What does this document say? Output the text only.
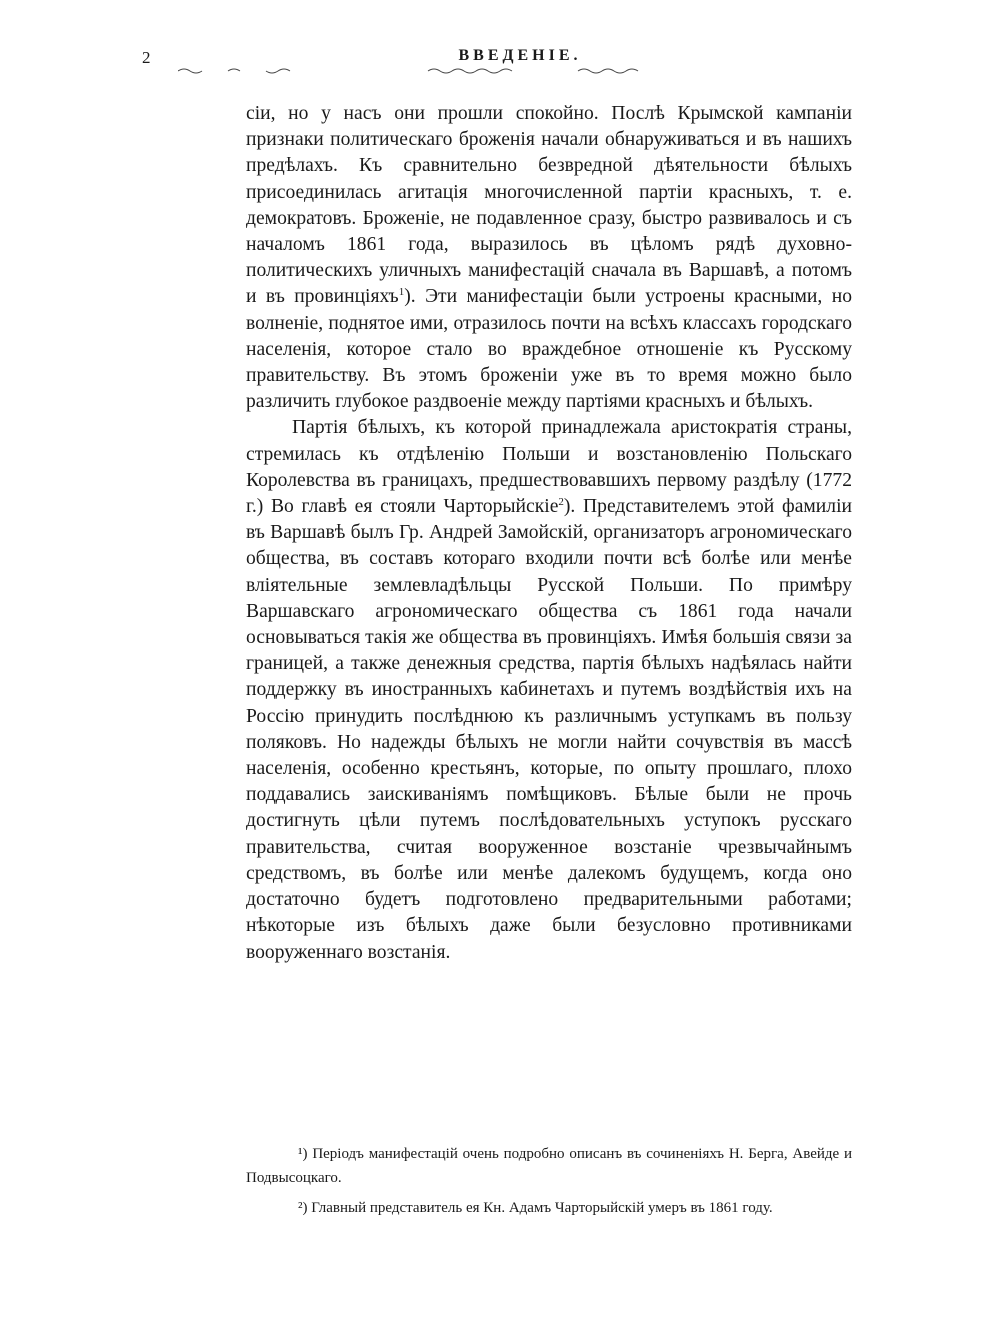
2	ВВЕДЕНІЕ.

сіи, но у насъ они прошли спокойно. Послѣ Крымской кампаніи признаки политическаго броженія начали обнаруживаться и въ нашихъ предѣлахъ. Къ сравнительно безвредной дѣятельности бѣлыхъ присоединилась агитація многочисленной партіи красныхъ, т. е. демократовъ. Броженіе, не подавленное сразу, быстро развивалось и съ началомъ 1861 года, выразилось въ цѣломъ рядѣ духовно-политическихъ уличныхъ манифестацій сначала въ Варшавѣ, а потомъ и въ провинціяхъ$^1$). Эти манифестаціи были устроены красными, но волненіе, поднятое ими, отразилось почти на всѣхъ классахъ городскаго населенія, которое стало во враждебное отношеніе къ Русскому правительству. Въ этомъ броженіи уже въ то время можно было различить глубокое раздвоеніе между партіями красныхъ и бѣлыхъ.

Партія бѣлыхъ, къ которой принадлежала аристократія страны, стремилась къ отдѣленію Польши и возстановленію Польскаго Королевства въ границахъ, предшествовавшихъ первому раздѣлу (1772 г.) Во главѣ ея стояли Чарторыйскіе$^2$). Представителемъ этой фамиліи въ Варшавѣ былъ Гр. Андрей Замойскій, организаторъ агрономическаго общества, въ составъ котораго входили почти всѣ болѣе или менѣе вліятельные землевладѣльцы Русской Польши. По примѣру Варшавскаго агрономическаго общества съ 1861 года начали основываться такія же общества въ провинціяхъ. Имѣя большія связи за границей, а также денежныя средства, партія бѣлыхъ надѣялась найти поддержку въ иностранныхъ кабинетахъ и путемъ воздѣйствія ихъ на Россію принудить послѣднюю къ различнымъ уступкамъ въ пользу поляковъ. Но надежды бѣлыхъ не могли найти сочувствія въ массѣ населенія, особенно крестьянъ, которые, по опыту прошлаго, плохо поддавались заискиваніямъ помѣщиковъ. Бѣлые были не прочь достигнуть цѣли путемъ послѣдовательныхъ уступокъ русскаго правительства, считая вооруженное возстаніе чрезвычайнымъ средствомъ, въ болѣе или менѣе далекомъ будущемъ, когда оно достаточно будетъ подготовлено предварительными работами; нѣкоторые изъ бѣлыхъ даже были безусловно противниками вооруженнаго возстанія.

¹) Періодъ манифестацій очень подробно описанъ въ сочиненіяхъ Н. Берга, Авейде и Подвысоцкаго.

²) Главный представитель ея Кн. Адамъ Чарторыйскій умеръ въ 1861 году.
